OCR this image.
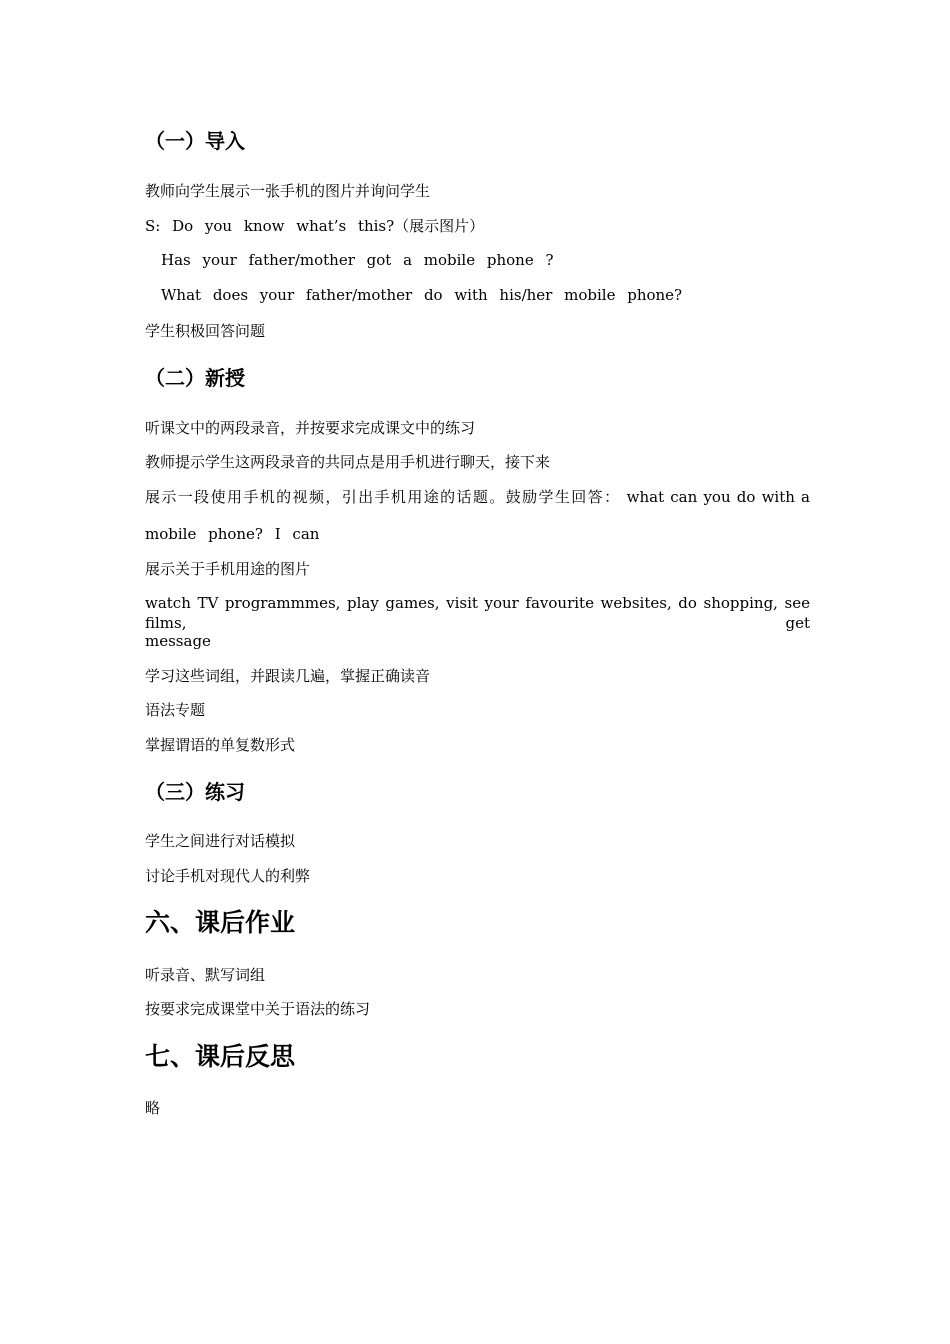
（一）导入
教师向学生展示一张手机的图片并询问学生
S: Do you know what’s this?（展示图片）
Has your father/mother got a mobile phone ?
What does your father/mother do with his/her mobile phone?
学生积极回答问题
（二）新授
听课文中的两段录音，并按要求完成课文中的练习
教师提示学生这两段录音的共同点是用手机进行聊天，接下来
展示一段使用手机的视频，引出手机用途的话题。鼓励学生回答： what can you do with a
mobile phone? I can
展示关于手机用途的图片
watch TV programmmes, play games, visit your favourite websites, do shopping, see films, get
message
学习这些词组，并跟读几遍，掌握正确读音
语法专题
掌握谓语的单复数形式
（三）练习
学生之间进行对话模拟
讨论手机对现代人的利弊
六、课后作业
听录音、默写词组
按要求完成课堂中关于语法的练习
七、课后反思
略
